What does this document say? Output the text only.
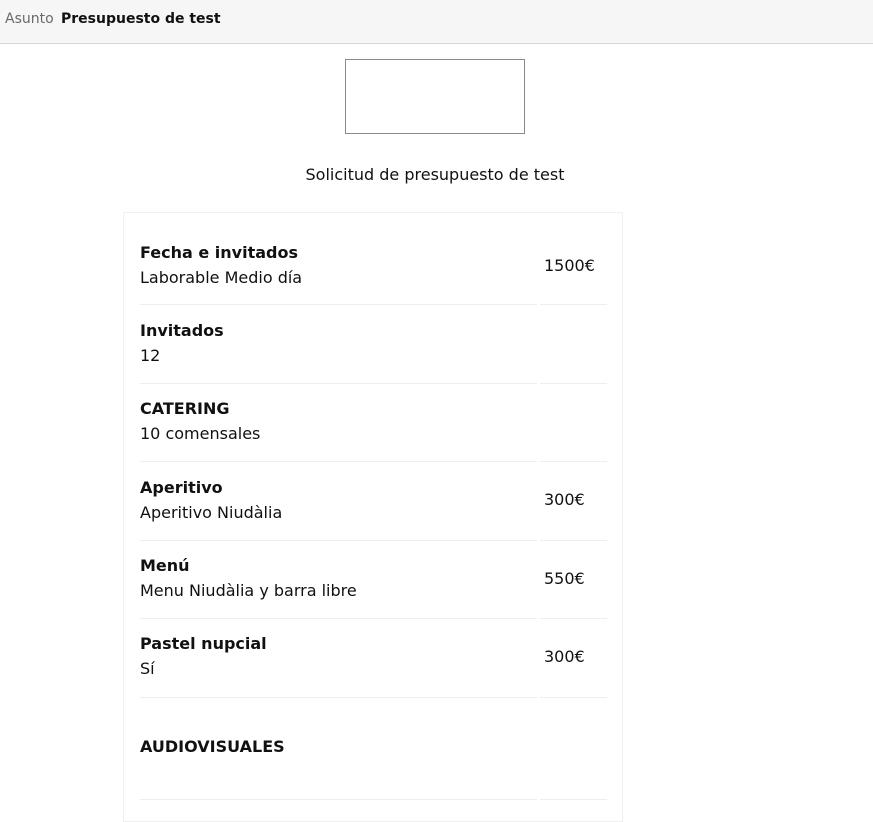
Asunto Presupuesto de test
Solicitud de presupuesto de test
Fecha e invitados
Laborable Medio día
1500€
Invitados
12
CATERING
10 comensales
Aperitivo
Aperitivo Niudàlia
300€
Menú
Menu Niudàlia y barra libre
550€
Pastel nupcial
Sí
300€
AUDIOVISUALES
